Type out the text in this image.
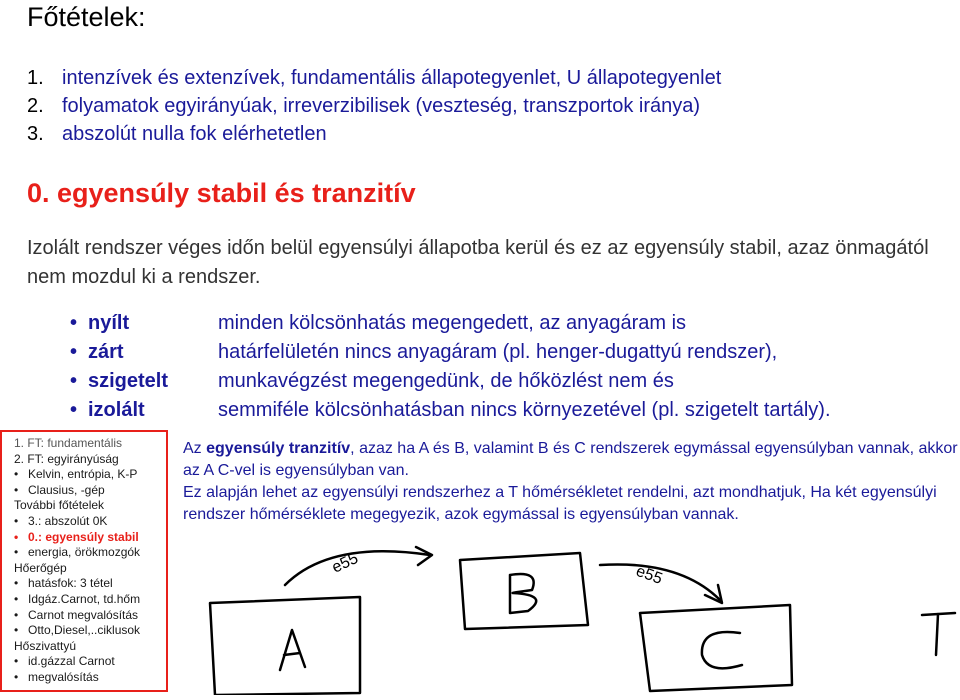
Főtételek:
1. intenzívek és extenzívek, fundamentális állapotegyenlet, U állapotegyenlet
2. folyamatok egyirányúak, irreverzibilisek (veszteség, transzportok iránya)
3. abszolút nulla fok elérhetetlen
0. egyensúly stabil és tranzitív
Izolált rendszer véges időn belül egyensúlyi állapotba kerül és ez az egyensúly stabil, azaz önmagától nem mozdul ki a rendszer.
• nyílt
• zárt
• szigetelt
• izolált
minden kölcsönhatás megengedett, az anyagáram is
határfelületén nincs anyagáram (pl. henger-dugattyú rendszer),
munkavégzést megengedünk, de hőközlést nem és
semmiféle kölcsönhatásban nincs környezetével (pl. szigetelt tartály).
1. FT: fundamentális
2. FT: egyirányúság
• Kelvin, entrópia, K-P
• Clausius, -gép
További főtételek
• 3.: abszolút 0K
• 0.: egyensúly stabil
• energia, örökmozgók
Hőerőgép
• hatásfok: 3 tétel
• Idgáz.Carnot, td.hőm
• Carnot megvalósítás
• Otto,Diesel,..ciklusok
Hőszivattyú
• id.gázzal Carnot
• megvalósítás
Az egyensúly tranzitív, azaz ha A és B, valamint B és C rendszerek egymással egyensúlyban vannak, akkor az A C-vel is egyensúlyban van.
Ez alapján lehet az egyensúlyi rendszerhez a T hőmérsékletet rendelni, azt mondhatjuk, Ha két egyensúlyi rendszer hőmérséklete megegyezik, azok egymással is egyensúlyban vannak.
e55	e55
